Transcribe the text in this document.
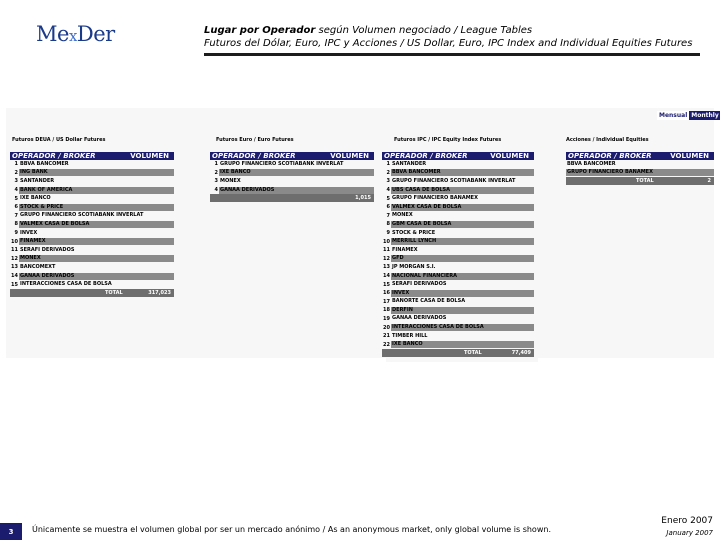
MexDer	Lugar por Operador según Volumen negociado / League Tables
Futuros del Dólar, Euro, IPC y Acciones / US Dollar, Euro, IPC Index and Individual Equities Futures
Mensual Monthly
Futuros DEUA / US Dollar Futures	Futuros Euro / Euro Futures	Futuros IPC / IPC Equity Index Futures	Acciones / Individual Equities
OPERADOR / BROKER	VOLUMEN
1 BBVA BANCOMER
2 ING BANK
3 SANTANDER
4 BANK OF AMERICA
5 IXE BANCO
6 STOCK & PRICE
7 GRUPO FINANCIERO SCOTIABANK INVERLAT
8 VALMEX CASA DE BOLSA
9 INVEX
10 FINAMEX
11 SERAFI DERIVADOS
12 MONEX
13 BANCOMEXT
14 GANAA DERIVADOS
15 INTERACCIONES CASA DE BOLSA
TOTAL	317,023
OPERADOR / BROKER	VOLUMEN
1 GRUPO FINANCIERO SCOTIABANK INVERLAT
2 IXE BANCO
3 MONEX
4 GANAA DERIVADOS
1,015
OPERADOR / BROKER	VOLUMEN
1 SANTANDER
2 BBVA BANCOMER
3 GRUPO FINANCIERO SCOTIABANK INVERLAT
4 UBS CASA DE BOLSA
5 GRUPO FINANCIERO BANAMEX
6 VALMEX CASA DE BOLSA
7 MONEX
8 GBM CASA DE BOLSA
9 STOCK & PRICE
10 MERRILL LYNCH
11 FINAMEX
12 GFD
13 JP MORGAN S.I.
14 NACIONAL FINANCIERA
15 SERAFI DERIVADOS
16 INVEX
17 BANORTE CASA DE BOLSA
18 DERFIN
19 GANAA DERIVADOS
20 INTERACCIONES CASA DE BOLSA
21 TIMBER HILL
22 IXE BANCO
TOTAL	77,409
OPERADOR / BROKER	VOLUMEN
BBVA BANCOMER
GRUPO FINANCIERO BANAMEX
TOTAL	2
3	Únicamente se muestra el volumen global por ser un mercado anónimo / As an anonymous market, only global volume is shown.
Enero 2007
January 2007
